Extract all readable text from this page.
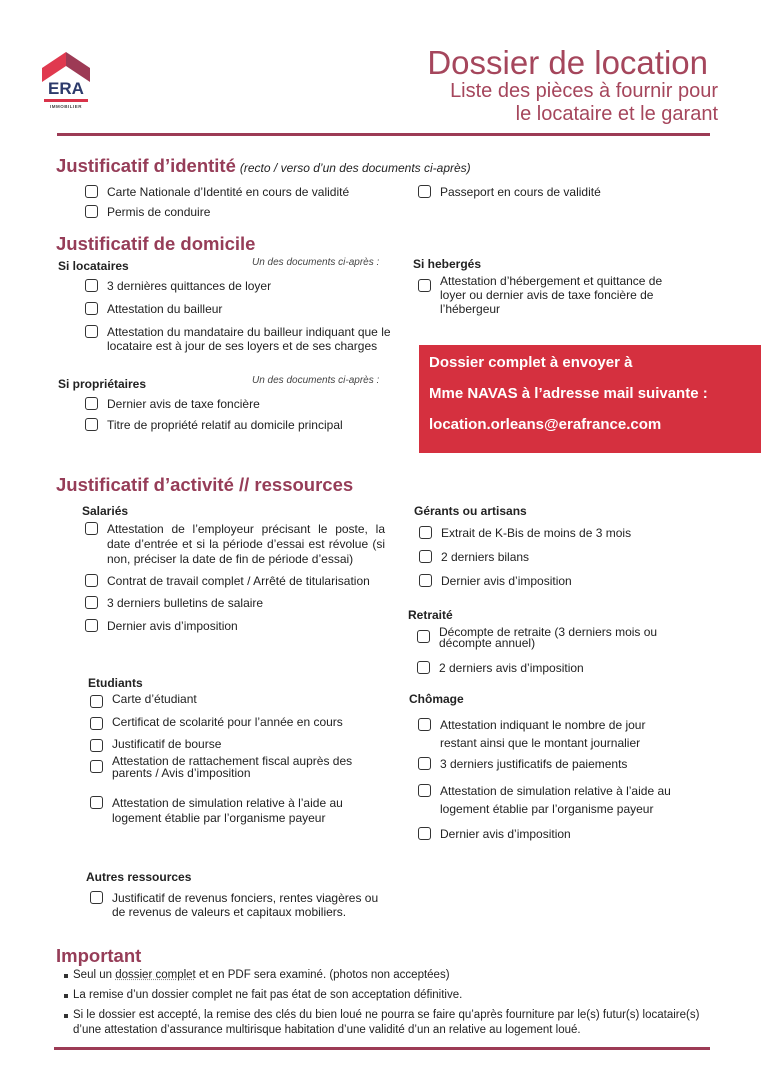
ERA
IMMOBILIER
Dossier de location
Liste des pièces à fournir pour
le locataire et le garant
Justificatif d’identité (recto / verso d’un des documents ci-après)
Carte Nationale d’Identité en cours de validité
Permis de conduire
Passeport en cours de validité
Justificatif de domicile
Si locataires	Un des documents ci-après :
3 dernières quittances de loyer
Attestation du bailleur
Attestation du mandataire du bailleur indiquant que le locataire est à jour de ses loyers et de ses charges
Si propriétaires	Un des documents ci-après :
Dernier avis de taxe foncière
Titre de propriété relatif au domicile principal
Si hebergés
Attestation d’hébergement et quittance de loyer ou dernier avis de taxe foncière de l’hébergeur
Dossier complet à envoyer à
Mme NAVAS à l’adresse mail suivante :
location.orleans@erafrance.com
Justificatif d’activité // ressources
Salariés
Attestation de l’employeur précisant le poste, la date d’entrée et si la période d’essai est révolue (si non, préciser la date de fin de période d’essai)
Contrat de travail complet / Arrêté de titularisation
3 derniers bulletins de salaire
Dernier avis d’imposition
Gérants ou artisans
Extrait de K-Bis de moins de 3 mois
2 derniers bilans
Dernier avis d’imposition
Retraité
Décompte de retraite (3 derniers mois ou décompte annuel)
2 derniers avis d’imposition
Etudiants
Carte d’étudiant
Certificat de scolarité pour l’année en cours
Justificatif de bourse
Attestation de rattachement fiscal auprès des parents / Avis d’imposition
Attestation de simulation relative à l’aide au logement établie par l’organisme payeur
Chômage
Attestation indiquant le nombre de jour restant ainsi que le montant journalier
3 derniers justificatifs de paiements
Attestation de simulation relative à l’aide au logement établie par l’organisme payeur
Dernier avis d’imposition
Autres ressources
Justificatif de revenus fonciers, rentes viagères ou de revenus de valeurs et capitaux mobiliers.
Important
Seul un dossier complet et en PDF sera examiné. (photos non acceptées)
La remise d’un dossier complet ne fait pas état de son acceptation définitive.
Si le dossier est accepté, la remise des clés du bien loué ne pourra se faire qu’après fourniture par le(s) futur(s) locataire(s) d’une attestation d’assurance multirisque habitation d’une validité d’un an relative au logement loué.
